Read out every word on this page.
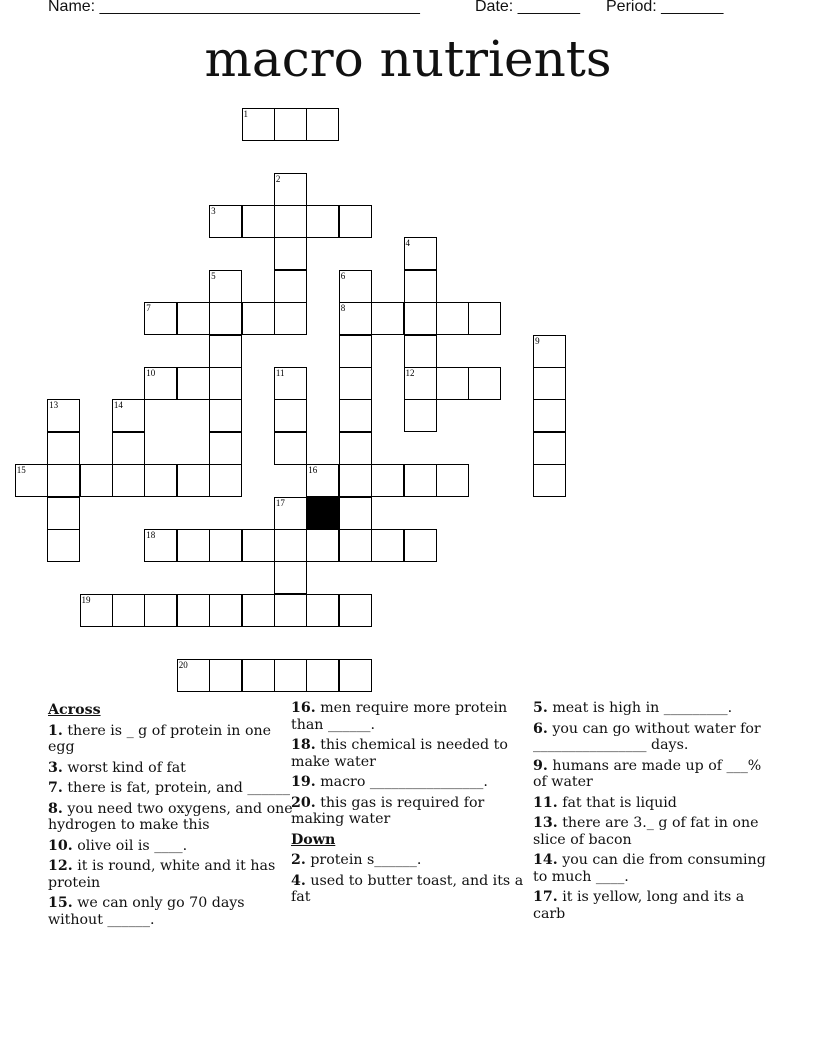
Name: ____________________________________	Date: _______ Period: _______
macro nutrients
1
2
3
4
5	6
7	8
9
10	11	12
13	14
15	16
17
18
19
20
Across
1. there is _ g of protein in one egg
3. worst kind of fat
7. there is fat, protein, and ______
8. you need two oxygens, and one hydrogen to make this
10. olive oil is ____.
12. it is round, white and it has protein
15. we can only go 70 days without ______.
16. men require more protein than ______.
18. this chemical is needed to make water
19. macro ________________.
20. this gas is required for making water
Down
2. protein s______.
4. used to butter toast, and its a fat
5. meat is high in _________.
6. you can go without water for ________________ days.
9. humans are made up of ___% of water
11. fat that is liquid
13. there are 3._ g of fat in one slice of bacon
14. you can die from consuming to much ____.
17. it is yellow, long and its a carb
